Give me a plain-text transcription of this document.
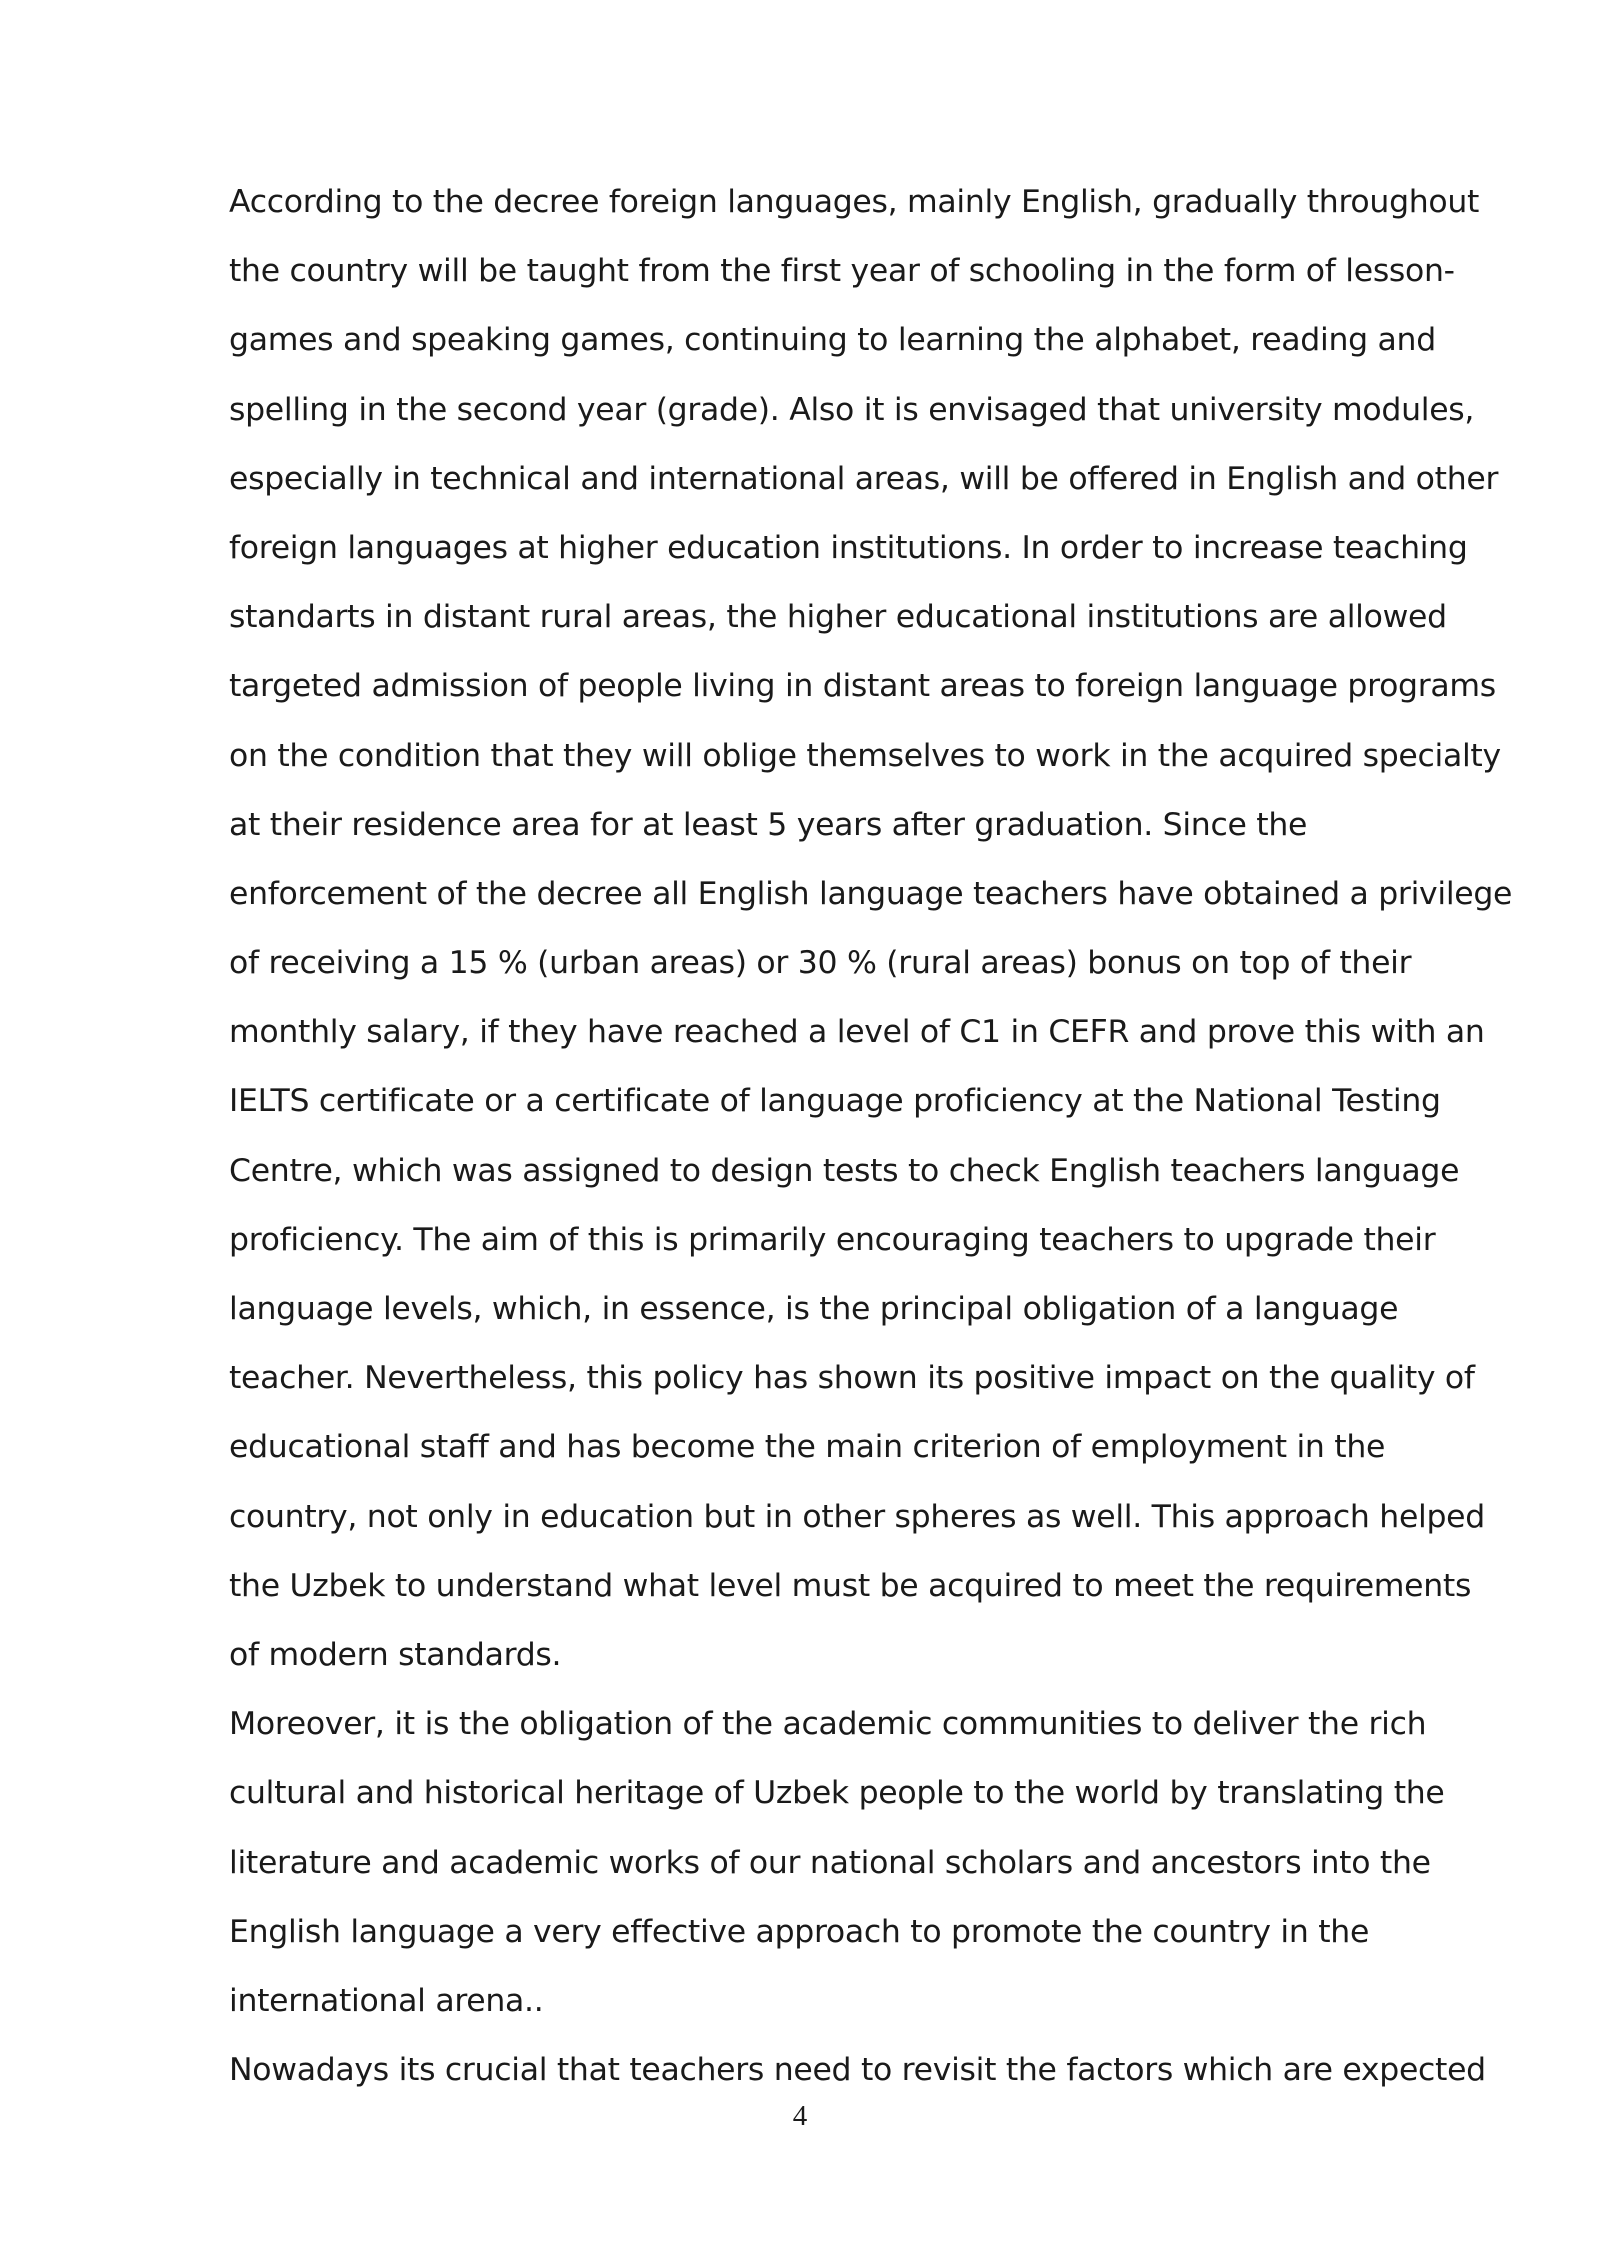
According to the decree foreign languages, mainly English, gradually throughout
the country will be taught from the first year of schooling in the form of lesson-
games and speaking games, continuing to learning the alphabet, reading and
spelling in the second year (grade). Also it is envisaged that university modules,
especially in technical and international areas, will be offered in English and other
foreign languages at higher education institutions. In order to increase teaching
standarts in distant rural areas, the higher educational institutions are allowed
targeted admission of people living in distant areas to foreign language programs
on the condition that they will oblige themselves to work in the acquired specialty
at their residence area for at least 5 years after graduation. Since the
enforcement of the decree all English language teachers have obtained a privilege
of receiving a 15 % (urban areas) or 30 % (rural areas) bonus on top of their
monthly salary, if they have reached a level of C1 in CEFR and prove this with an
IELTS certificate or a certificate of language proficiency at the National Testing
Centre, which was assigned to design tests to check English teachers language
proficiency. The aim of this is primarily encouraging teachers to upgrade their
language levels, which, in essence, is the principal obligation of a language
teacher. Nevertheless, this policy has shown its positive impact on the quality of
educational staff and has become the main criterion of employment in the
country, not only in education but in other spheres as well. This approach helped
the Uzbek to understand what level must be acquired to meet the requirements
of modern standards.
Moreover, it is the obligation of the academic communities to deliver the rich
cultural and historical heritage of Uzbek people to the world by translating the
literature and academic works of our national scholars and ancestors into the
English language a very effective approach to promote the country in the
international arena..
Nowadays its crucial that teachers need to revisit the factors which are expected
4
